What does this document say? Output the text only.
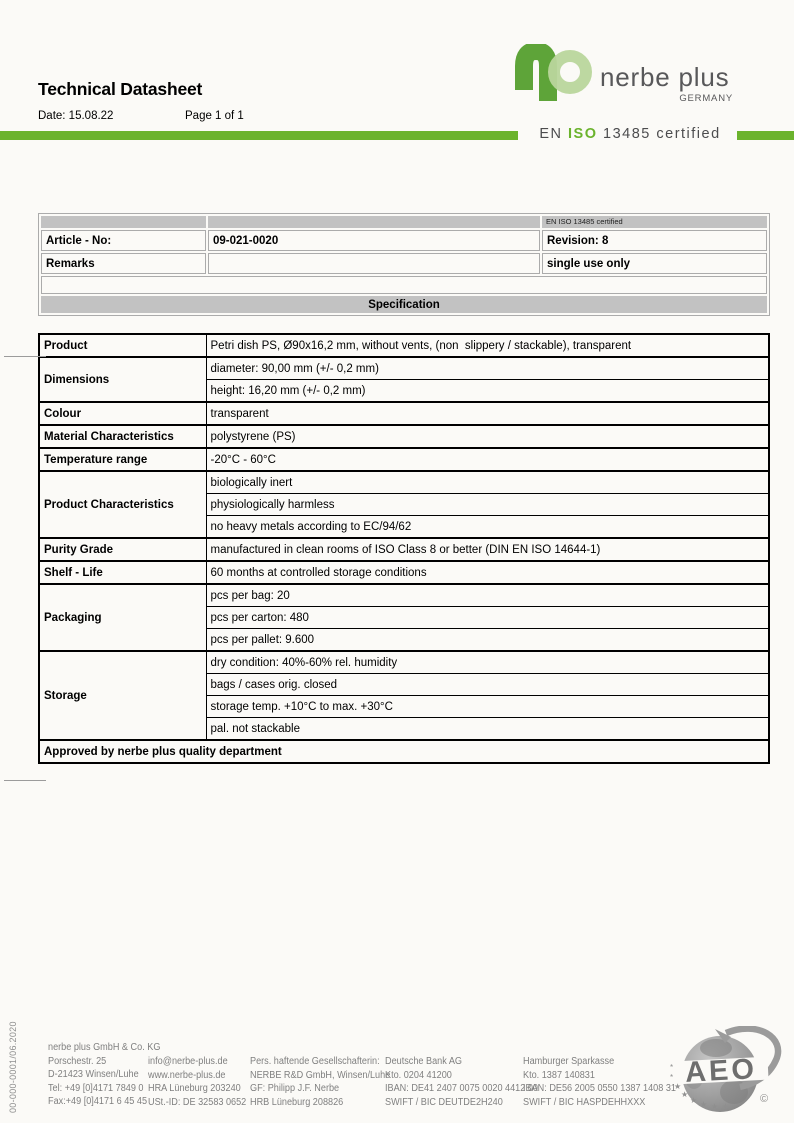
Technical Datasheet
Date: 15.08.22	Page 1 of 1
nerbe plus
GERMANY
EN ISO 13485 certified
		EN ISO 13485 certified
Article - No:	09-021-0020	Revision: 8
Remarks		single use only

Specification		
Product	Petri dish PS, Ø90x16,2 mm, without vents, (non  slippery / stackable), transparent
Dimensions	diameter: 90,00 mm (+/- 0,2 mm)
	height: 16,20 mm (+/- 0,2 mm)
Colour	transparent
Material Characteristics	polystyrene (PS)
Temperature range	-20°C - 60°C
Product Characteristics	biologically inert
	physiologically harmless
	no heavy metals according to EC/94/62
Purity Grade	manufactured in clean rooms of ISO Class 8 or better (DIN EN ISO 14644-1)
Shelf - Life	60 months at controlled storage conditions
Packaging	pcs per bag: 20
	pcs per carton: 480
	pcs per pallet: 9.600
Storage	dry condition: 40%-60% rel. humidity
	bags / cases orig. closed
	storage temp. +10°C to max. +30°C
	pal. not stackable
Approved by nerbe plus quality department	
00-000-0001/06.2020	nerbe plus GmbH & Co. KG
Porschestr. 25
D-21423 Winsen/Luhe
Tel: +49 [0]4171 7849 0
Fax:+49 [0]4171 6 45 45
info@nerbe-plus.de
www.nerbe-plus.de
HRA Lüneburg 203240
USt.-ID: DE 32583 0652
Pers. haftende Gesellschafterin:
NERBE R&D GmbH, Winsen/Luhe
GF: Philipp J.F. Nerbe
HRB Lüneburg 208826
Deutsche Bank AG
Kto. 0204 41200
IBAN: DE41 2407 0075 0020 4412 00
SWIFT / BIC DEUTDE2H240
Hamburger Sparkasse
Kto. 1387 140831
IBAN: DE56 2005 0550 1387 1408 31
SWIFT / BIC HASPDEHHXXX
AEO
*
*
★
★
★ ★ ★ ★
©
